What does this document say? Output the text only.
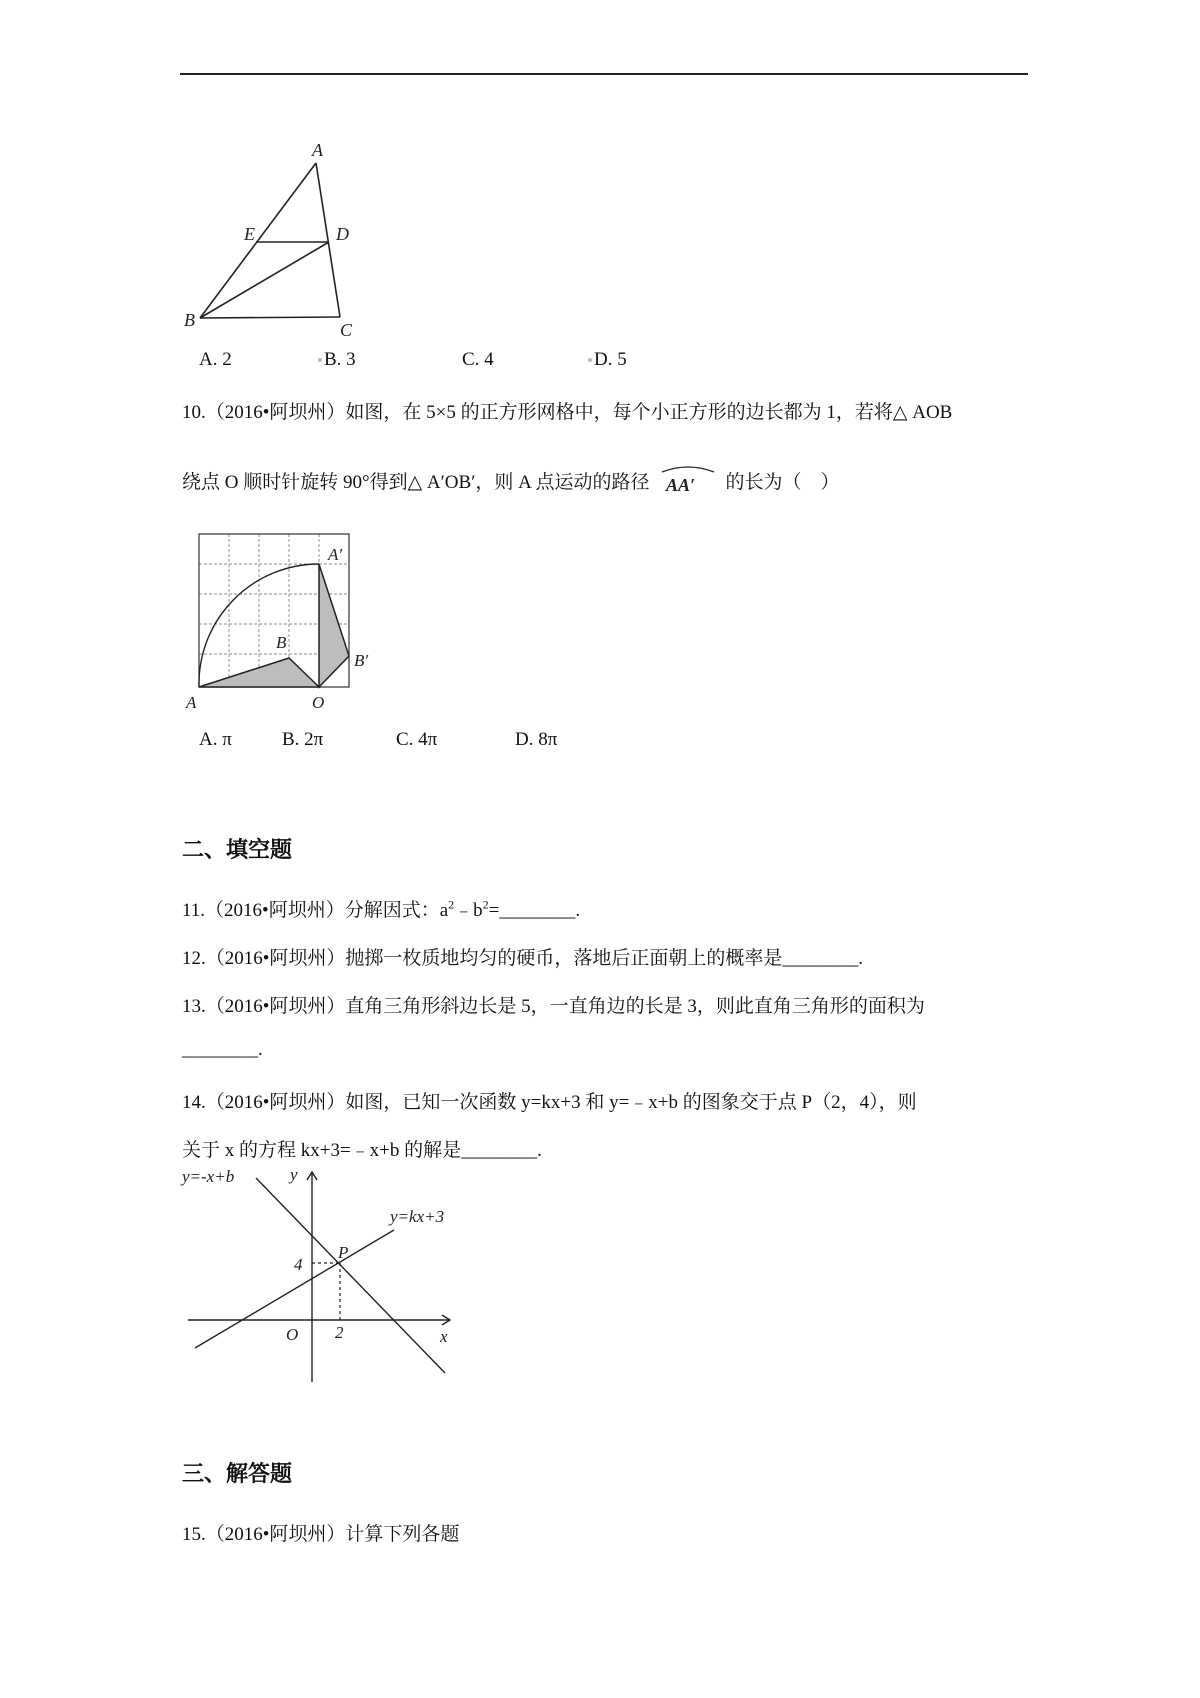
A
E	D
B	C
A. 2	B. 3	C. 4	D. 5
10.（2016•阿坝州）如图，在 5×5 的正方形网格中，每个小正方形的边长都为 1，若将△ AOB
绕点 O 顺时针旋转 90°得到△ A′OB′，则 A 点运动的路径 AA′ 的长为（　）
A
B
O
A′
B′
A. π	B. 2π	C. 4π	D. 8π
二、填空题
11.（2016•阿坝州）分解因式：$a^2﹣b^2=\_\_\_\_\_\_\_\_$.
12.（2016•阿坝州）抛掷一枚质地均匀的硬币，落地后正面朝上的概率是________.
13.（2016•阿坝州）直角三角形斜边长是 5，一直角边的长是 3，则此直角三角形的面积为
________.
14.（2016•阿坝州）如图，已知一次函数 y=kx+3 和 y=﹣x+b 的图象交于点 P（2，4），则
关于 x 的方程 kx+3=﹣x+b 的解是________.
y=-x+b
y=kx+3
y
x
P
O
4
2
三、解答题
15.（2016•阿坝州）计算下列各题
